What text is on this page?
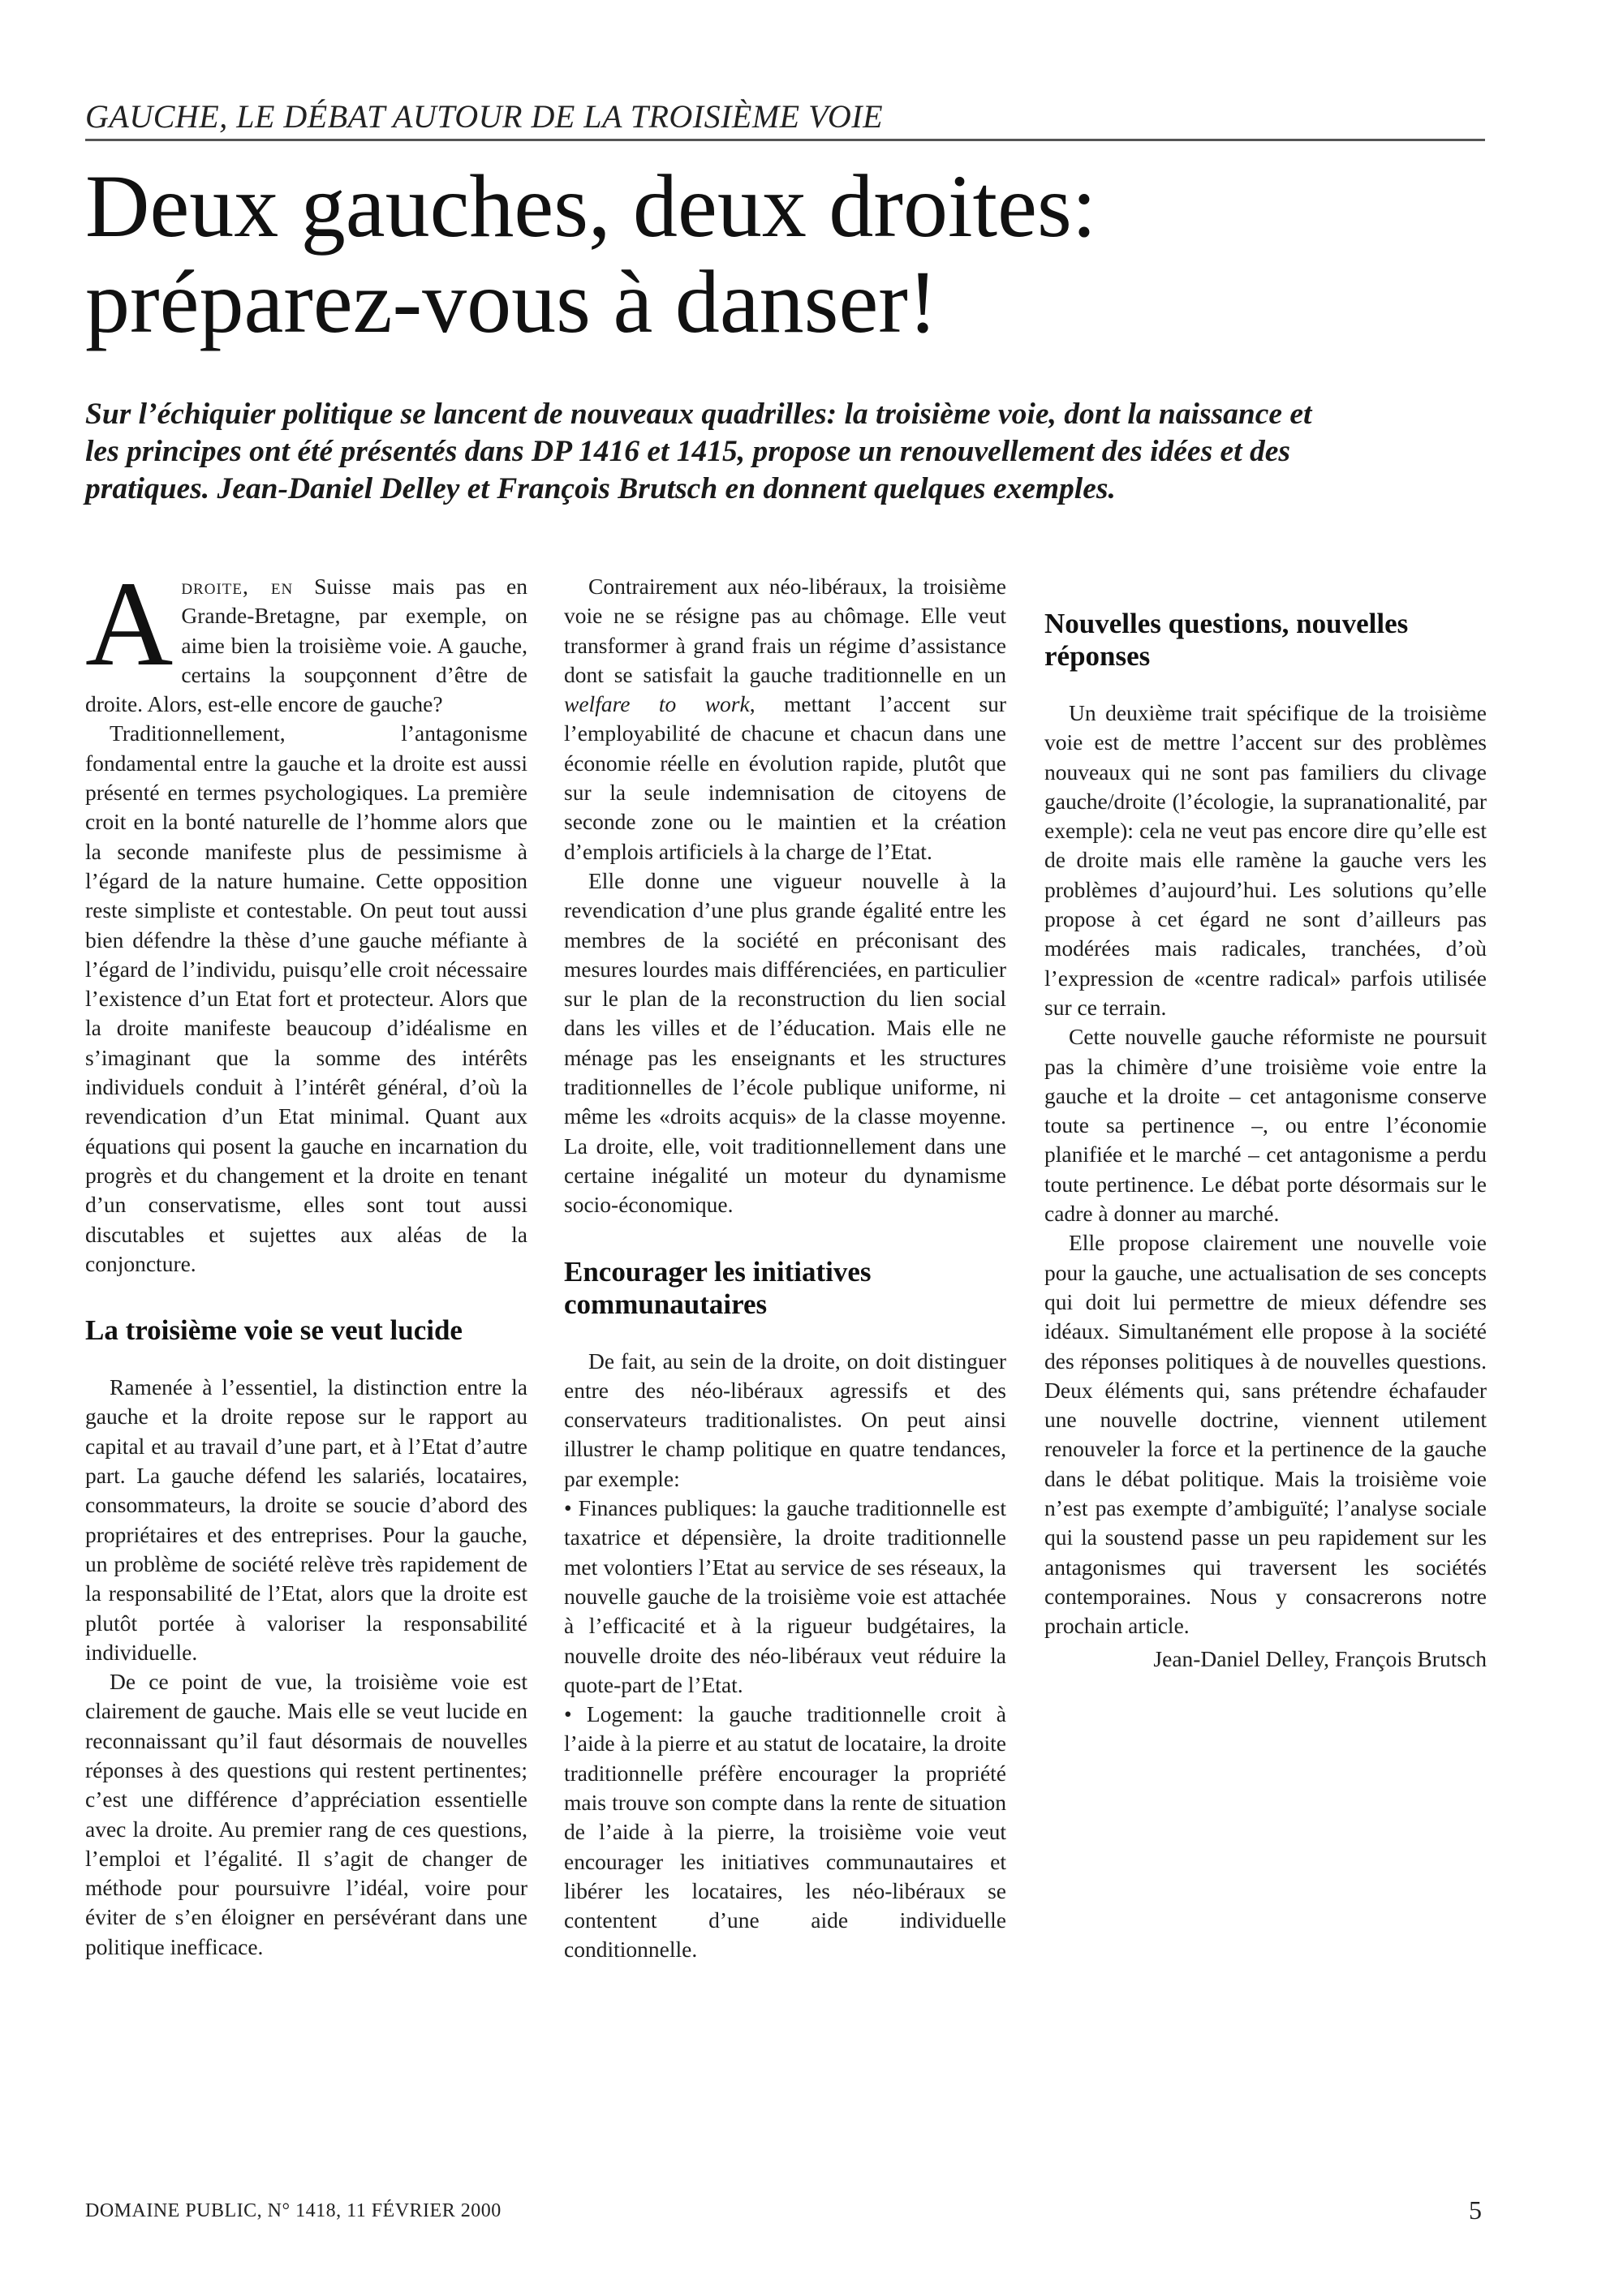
GAUCHE, LE DÉBAT AUTOUR DE LA TROISIÈME VOIE
Deux gauches, deux droites:
préparez-vous à danser!

Sur l’échiquier politique se lancent de nouveaux quadrilles: la troisième voie, dont la naissance et les principes ont été présentés dans DP 1416 et 1415, propose un renouvellement des idées et des pratiques. Jean-Daniel Delley et François Brutsch en donnent quelques exemples.

Adroite, en Suisse mais pas en Grande-Bretagne, par exemple, on aime bien la troisième voie. A gauche, certains la soupçonnent d’être de droite. Alors, est-elle encore de gauche?

Traditionnellement, l’antagonisme fondamental entre la gauche et la droite est aussi présenté en termes psychologiques. La première croit en la bonté naturelle de l’homme alors que la seconde manifeste plus de pessimisme à l’égard de la nature humaine. Cette opposition reste simpliste et contestable. On peut tout aussi bien défendre la thèse d’une gauche méfiante à l’égard de l’individu, puisqu’elle croit nécessaire l’existence d’un Etat fort et protecteur. Alors que la droite manifeste beaucoup d’idéalisme en s’imaginant que la somme des intérêts individuels conduit à l’intérêt général, d’où la revendication d’un Etat minimal. Quant aux équations qui posent la gauche en incarnation du progrès et du changement et la droite en tenant d’un conservatisme, elles sont tout aussi discutables et sujettes aux aléas de la conjoncture.

La troisième voie se veut lucide

Ramenée à l’essentiel, la distinction entre la gauche et la droite repose sur le rapport au capital et au travail d’une part, et à l’Etat d’autre part. La gauche défend les salariés, locataires, consommateurs, la droite se soucie d’abord des propriétaires et des entreprises. Pour la gauche, un problème de société relève très rapidement de la responsabilité de l’Etat, alors que la droite est plutôt portée à valoriser la responsabilité individuelle.

De ce point de vue, la troisième voie est clairement de gauche. Mais elle se veut lucide en reconnaissant qu’il faut désormais de nouvelles réponses à des questions qui restent pertinentes; c’est une différence d’appréciation essentielle avec la droite. Au premier rang de ces questions, l’emploi et l’égalité. Il s’agit de changer de méthode pour poursuivre l’idéal, voire pour éviter de s’en éloigner en persévérant dans une politique inefficace.

Contrairement aux néo-libéraux, la troisième voie ne se résigne pas au chômage. Elle veut transformer à grand frais un régime d’assistance dont se satisfait la gauche traditionnelle en un welfare to work, mettant l’accent sur l’employabilité de chacune et chacun dans une économie réelle en évolution rapide, plutôt que sur la seule indemnisation de citoyens de seconde zone ou le maintien et la création d’emplois artificiels à la charge de l’Etat.

Elle donne une vigueur nouvelle à la revendication d’une plus grande égalité entre les membres de la société en préconisant des mesures lourdes mais différenciées, en particulier sur le plan de la reconstruction du lien social dans les villes et de l’éducation. Mais elle ne ménage pas les enseignants et les structures traditionnelles de l’école publique uniforme, ni même les «droits acquis» de la classe moyenne. La droite, elle, voit traditionnellement dans une certaine inégalité un moteur du dynamisme socio-économique.

Encourager les initiatives communautaires

De fait, au sein de la droite, on doit distinguer entre des néo-libéraux agressifs et des conservateurs traditionalistes. On peut ainsi illustrer le champ politique en quatre tendances, par exemple:

• Finances publiques: la gauche traditionnelle est taxatrice et dépensière, la droite traditionnelle met volontiers l’Etat au service de ses réseaux, la nouvelle gauche de la troisième voie est attachée à l’efficacité et à la rigueur budgétaires, la nouvelle droite des néo-libéraux veut réduire la quote-part de l’Etat.

• Logement: la gauche traditionnelle croit à l’aide à la pierre et au statut de locataire, la droite traditionnelle préfère encourager la propriété mais trouve son compte dans la rente de situation de l’aide à la pierre, la troisième voie veut encourager les initiatives communautaires et libérer les locataires, les néo-libéraux se contentent d’une aide individuelle conditionnelle.

Nouvelles questions, nouvelles réponses

Un deuxième trait spécifique de la troisième voie est de mettre l’accent sur des problèmes nouveaux qui ne sont pas familiers du clivage gauche/droite (l’écologie, la supranationalité, par exemple): cela ne veut pas encore dire qu’elle est de droite mais elle ramène la gauche vers les problèmes d’aujourd’hui. Les solutions qu’elle propose à cet égard ne sont d’ailleurs pas modérées mais radicales, tranchées, d’où l’expression de «centre radical» parfois utilisée sur ce terrain.

Cette nouvelle gauche réformiste ne poursuit pas la chimère d’une troisième voie entre la gauche et la droite – cet antagonisme conserve toute sa pertinence –, ou entre l’économie planifiée et le marché – cet antagonisme a perdu toute pertinence. Le débat porte désormais sur le cadre à donner au marché.

Elle propose clairement une nouvelle voie pour la gauche, une actualisation de ses concepts qui doit lui permettre de mieux défendre ses idéaux. Simultanément elle propose à la société des réponses politiques à de nouvelles questions. Deux éléments qui, sans prétendre échafauder une nouvelle doctrine, viennent utilement renouveler la force et la pertinence de la gauche dans le débat politique. Mais la troisième voie n’est pas exempte d’ambiguïté; l’analyse sociale qui la soustend passe un peu rapidement sur les antagonismes qui traversent les sociétés contemporaines. Nous y consacrerons notre prochain article.

Jean-Daniel Delley, François Brutsch

DOMAINE PUBLIC, N° 1418, 11 FÉVRIER 2000	5
